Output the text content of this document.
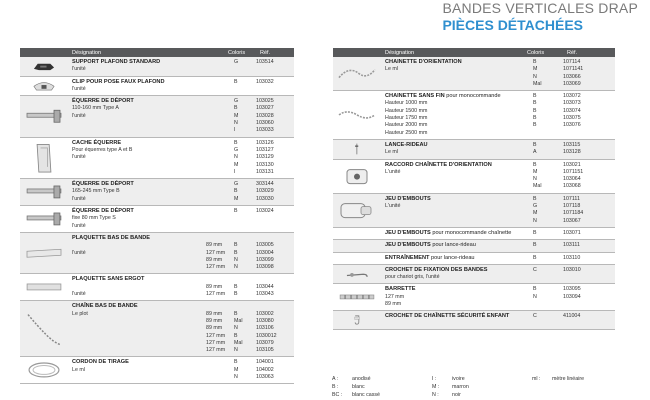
BANDES VERTICALES DRAP
PIÈCES DÉTACHÉES
Désignation	Coloris	Réf.
SUPPORT PLAFOND STANDARD
l'unité
G	103514
CLIP POUR POSE FAUX PLAFOND
l'unité
B	103032
ÉQUERRE DE DÉPORT
110-160 mm Type A
G	103025
l'unité
B	103027
M	103028
N	103060
I	103033
CACHE ÉQUERRE
Pour équerres type A et B
B	103126
l'unité
G	103127
N	103129
M	103130
I	103131
ÉQUERRE DE DÉPORT
165-245 mm Type B
G	303144
l'unité
B	103029
M	103030
ÉQUERRE DE DÉPORT
fixe 80 mm Type S
B	103024
l'unité
PLAQUETTE BAS DE BANDE
89 mm B	103005
l'unité	127 mm B	103004
89 mm N	103099
127 mm N	103098
PLAQUETTE SANS ERGOT
89 mm B	103044
l'unité	127 mm B	103043
CHAÎNE BAS DE BANDE
Le plot	89 mm B	103002
89 mm Mal	103080
89 mm N	103106
127 mm B	1030012
127 mm Mal	103079
127 mm N	103105
CORDON DE TIRAGE
Le ml
B	104001
M	104002
N	103063
Désignation	Coloris	Réf.
CHAINETTE D'ORIENTATION
Le ml
B	107114
M	1071141
N	103066
Mal	103069
CHAINETTE SANS FIN pour monocommande
Hauteur 1000 mm
B	103072
Hauteur 1500 mm
B	103073
Hauteur 1750 mm
B	103074
Hauteur 2000 mm
B	103075
Hauteur 2500 mm
B	103076
LANCE-RIDEAU
Le ml
B	103115
A	103128
RACCORD CHAÎNETTE D'ORIENTATION
L'unité
B	103021
M	1071151
N	103064
Mal	103068
JEU D'EMBOUTS
L'unité
B	107111
G	107118
M	1071184
N	103067
JEU D'EMBOUTS pour monocommande chaînette	B	103071
JEU D'EMBOUTS pour lance-rideau	B	103111
ENTRAÎNEMENT pour lance-rideau	B	103110
CROCHET DE FIXATION DES BANDES
pour chariot gris, l'unité
C	103010
BARRETTE
127 mm
B	103095
89 mm
N	103094
CROCHET DE CHAÎNETTE SÉCURITÉ ENFANT	C	411004
A :	anodisé	I :	ivoire	ml : mètre linéaire
B :	blanc	M : marron
BC : blanc cassé	N : noir
